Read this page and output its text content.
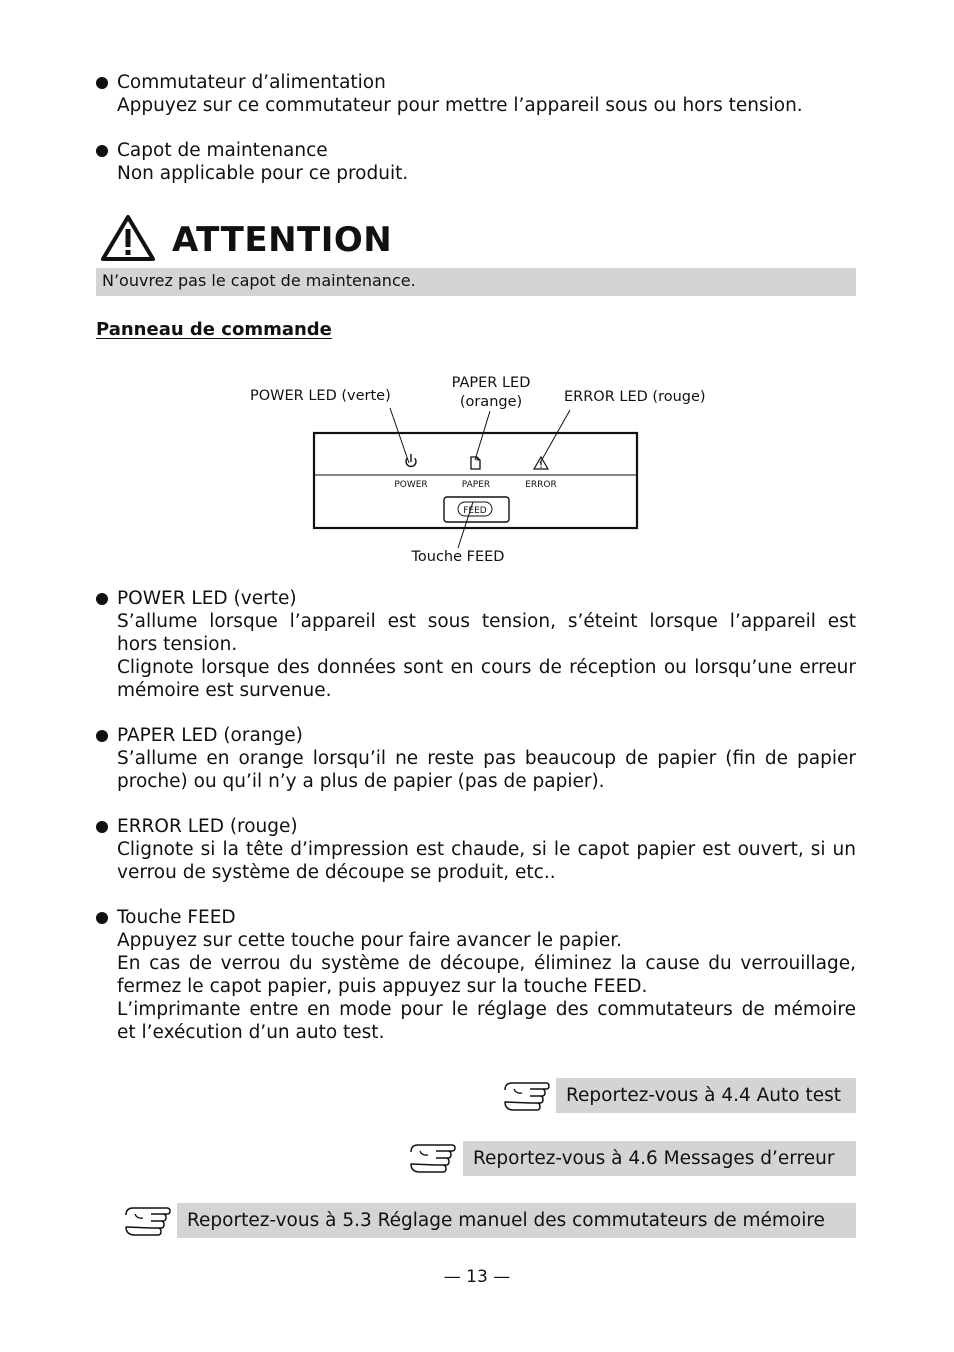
Commutateur d’alimentation
Appuyez sur ce commutateur pour mettre l’appareil sous ou hors tension.
Capot de maintenance
Non applicable pour ce produit.
ATTENTION
N’ouvrez pas le capot de maintenance.
Panneau de commande
POWER LED (verte)
PAPER LED
(orange)	ERROR LED (rouge)
POWER	PAPER	ERROR
FEED
Touche FEED
POWER LED (verte)
S’allume lorsque l’appareil est sous tension, s’éteint lorsque l’appareil est
hors tension.
Clignote lorsque des données sont en cours de réception ou lorsqu’une erreur
mémoire est survenue.
PAPER LED (orange)
S’allume en orange lorsqu’il ne reste pas beaucoup de papier (fin de papier
proche) ou qu’il n’y a plus de papier (pas de papier).
ERROR LED (rouge)
Clignote si la tête d’impression est chaude, si le capot papier est ouvert, si un
verrou de système de découpe se produit, etc..
Touche FEED
Appuyez sur cette touche pour faire avancer le papier.
En cas de verrou du système de découpe, éliminez la cause du verrouillage,
fermez le capot papier, puis appuyez sur la touche FEED.
L’imprimante entre en mode pour le réglage des commutateurs de mémoire
et l’exécution d’un auto test.
Reportez-vous à 4.4 Auto test
Reportez-vous à 4.6 Messages d’erreur
Reportez-vous à 5.3 Réglage manuel des commutateurs de mémoire
— 13 —
